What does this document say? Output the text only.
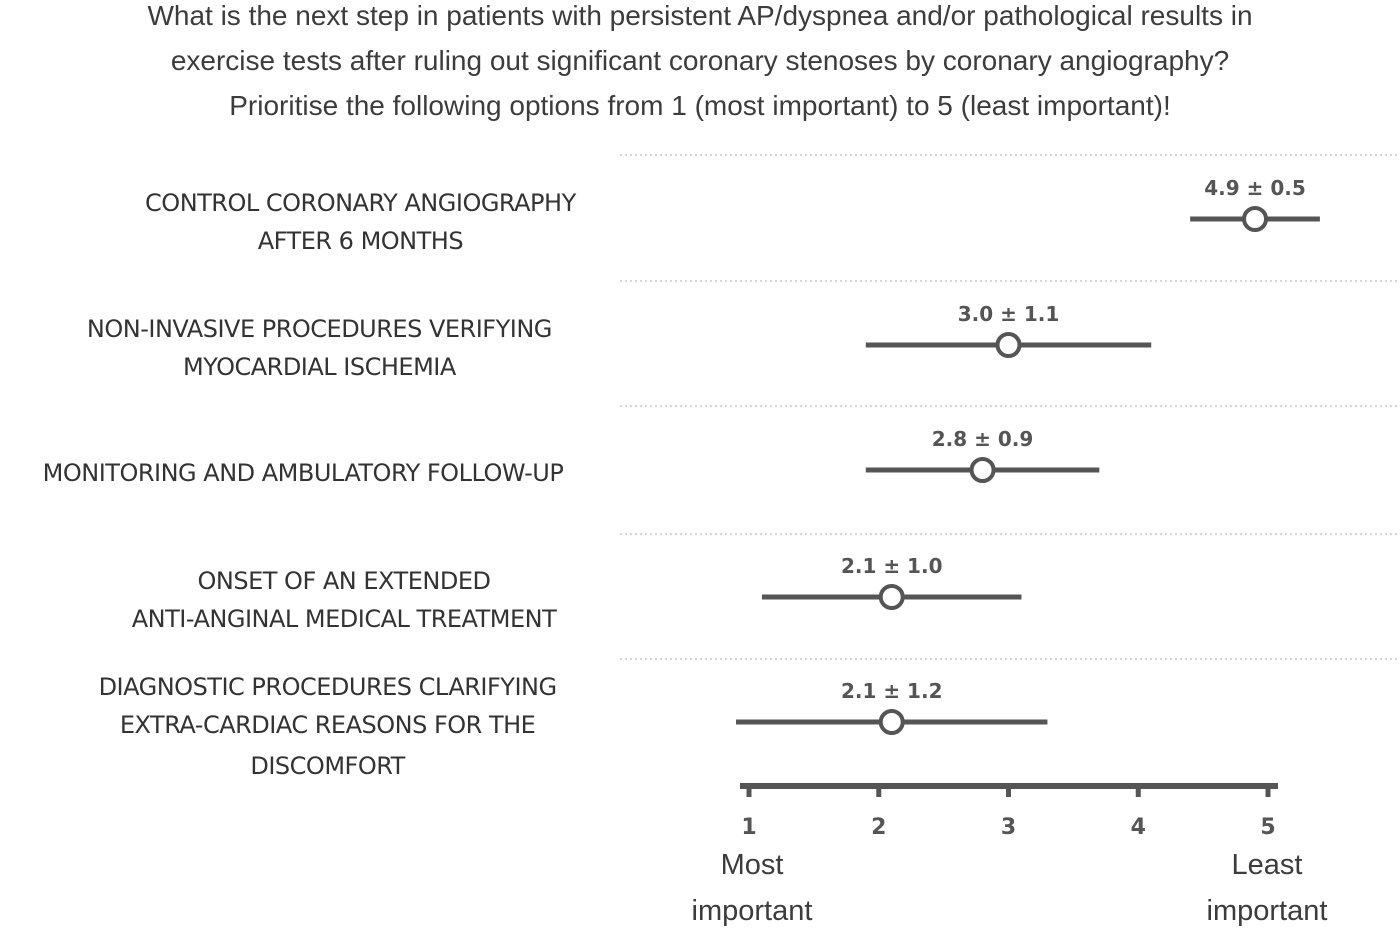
What is the next step in patients with persistent AP/dyspnea and/or pathological results in
exercise tests after ruling out significant coronary stenoses by coronary angiography?
Prioritise the following options from 1 (most important) to 5 (least important)!
CONTROL CORONARY ANGIOGRAPHY
AFTER 6 MONTHS
NON-INVASIVE PROCEDURES VERIFYING
MYOCARDIAL ISCHEMIA
MONITORING AND AMBULATORY FOLLOW-UP
ONSET OF AN EXTENDED
ANTI-ANGINAL MEDICAL TREATMENT
DIAGNOSTIC PROCEDURES CLARIFYING
EXTRA-CARDIAC REASONS FOR THE
DISCOMFORT
4.9 ± 0.5
3.0 ± 1.1
2.8 ± 0.9
2.1 ± 1.0
2.1 ± 1.2
1	2	3	4	5
Most
important
Least
important
